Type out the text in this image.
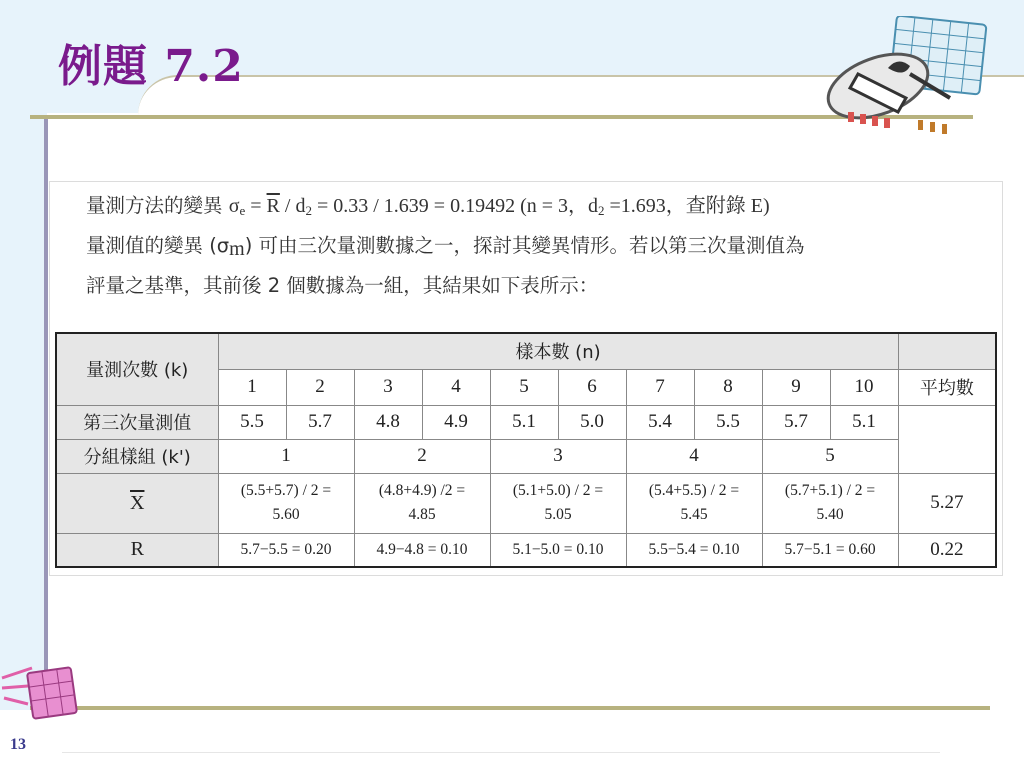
例題 7.2
13
量測方法的變異 $\sigma_e = \overline{R} / d_2 = 0.33 / 1.639 = 0.19492$ (n = 3，$d_2 =1.693$，查附錄 E)
量測值的變異 $(\sigma_m)$ 可由三次量測數據之一，探討其變異情形。若以第三次量測值為
評量之基準，其前後 2 個數據為一組，其結果如下表所示：
量測次數 (k)	樣本數 (n)										
	1	2	3	4	5	6	7	8	9	10	平均數
第三次量測值	5.5	5.7	4.8	4.9	5.1	5.0	5.4	5.5	5.7	5.1	
分組樣組 (k')	1		2		3		4		5		
$\overline{X}$	(5.5+5.7) / 2 =
5.60		(4.8+4.9) /2 =
4.85		(5.1+5.0) / 2 =
5.05		(5.4+5.5) / 2 =
5.45		(5.7+5.1) / 2 =
5.40		5.27
R	5.7−5.5 = 0.20		4.9−4.8 = 0.10		5.1−5.0 = 0.10		5.5−5.4 = 0.10		5.7−5.1 = 0.60		0.22
